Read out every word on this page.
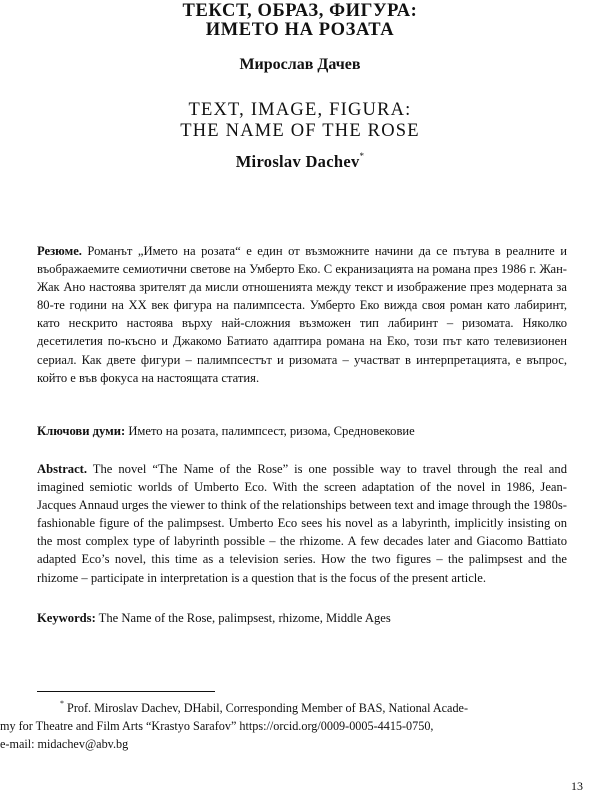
ТЕКСТ, ОБРАЗ, ФИГУРА:
ИМЕТО НА РОЗАТА
Мирослав Дачев
TEXT, IMAGE, FIGURA:
THE NAME OF THE ROSE
Miroslav Dachev*

Резюме. Романът „Името на розата“ е един от възможните начини да се пътува в реалните и въображаемите семиотични светове на Умберто Еко. С екранизацията на романа през 1986 г. Жан-Жак Ано настоява зрителят да мисли отношенията между текст и изображение през модерната за 80-те години на XX век фигура на палимпсеста. Умберто Еко вижда своя роман като лабиринт, като нескрито настоява върху най-сложния възможен тип лабиринт – ризомата. Няколко десетилетия по-късно и Джакомо Батиато адаптира романа на Еко, този път като телевизионен сериал. Как двете фигури – палимпсестът и ризомата – участват в интерпретацията, е въпрос, който е във фокуса на настоящата статия.

Ключови думи: Името на розата, палимпсест, ризома, Средновековие

Abstract. The novel “The Name of the Rose” is one possible way to travel through the real and imagined semiotic worlds of Umberto Eco. With the screen adaptation of the novel in 1986, Jean-Jacques Annaud urges the viewer to think of the relationships between text and image through the 1980s-fashionable figure of the palimpsest. Umberto Eco sees his novel as a labyrinth, implicitly insisting on the most complex type of labyrinth possible – the rhizome. A few decades later and Giacomo Battiato adapted Eco’s novel, this time as a television series. How the two figures – the palimpsest and the rhizome – participate in interpretation is a question that is the focus of the present article.

Keywords: The Name of the Rose, palimpsest, rhizome, Middle Ages

* Prof. Miroslav Dachev, DHabil, Corresponding Member of BAS, National Acade-

my for Theatre and Film Arts “Krastyo Sarafov” https://orcid.org/0009-0005-4415-0750,

e-mail: midachev@abv.bg

13
